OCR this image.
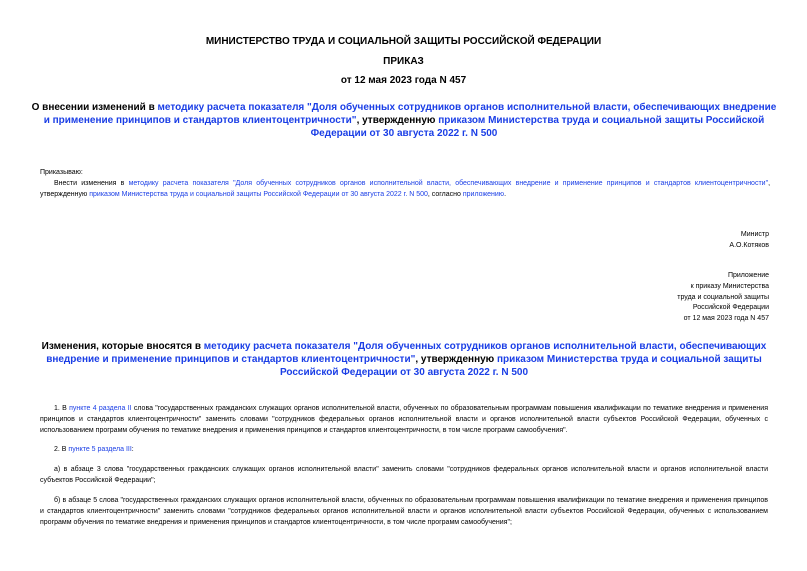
МИНИСТЕРСТВО ТРУДА И СОЦИАЛЬНОЙ ЗАЩИТЫ РОССИЙСКОЙ ФЕДЕРАЦИИ
ПРИКАЗ
от 12 мая 2023 года N 457
О внесении изменений в методику расчета показателя "Доля обученных сотрудников органов исполнительной власти, обеспечивающих внедрение и применение принципов и стандартов клиентоцентричности", утвержденную приказом Министерства труда и социальной защиты Российской Федерации от 30 августа 2022 г. N 500
Приказываю:
Внести изменения в методику расчета показателя "Доля обученных сотрудников органов исполнительной власти, обеспечивающих внедрение и применение принципов и стандартов клиентоцентричности", утвержденную приказом Министерства труда и социальной защиты Российской Федерации от 30 августа 2022 г. N 500, согласно приложению.
Министр
А.О.Котяков
Приложение
к приказу Министерства
труда и социальной защиты
Российской Федерации
от 12 мая 2023 года N 457
Изменения, которые вносятся в методику расчета показателя "Доля обученных сотрудников органов исполнительной власти, обеспечивающих внедрение и применение принципов и стандартов клиентоцентричности", утвержденную приказом Министерства труда и социальной защиты Российской Федерации от 30 августа 2022 г. N 500
1. В пункте 4 раздела II слова "государственных гражданских служащих органов исполнительной власти, обученных по образовательным программам повышения квалификации по тематике внедрения и применения принципов и стандартов клиентоцентричности" заменить словами "сотрудников федеральных органов исполнительной власти и органов исполнительной власти субъектов Российской Федерации, обученных с использованием программ обучения по тематике внедрения и применения принципов и стандартов клиентоцентричности, в том числе программ самообучения".
2. В пункте 5 раздела III:
а) в абзаце 3 слова "государственных гражданских служащих органов исполнительной власти" заменить словами "сотрудников федеральных органов исполнительной власти и органов исполнительной власти субъектов Российской Федерации";
б) в абзаце 5 слова "государственных гражданских служащих органов исполнительной власти, обученных по образовательным программам повышения квалификации по тематике внедрения и применения принципов и стандартов клиентоцентричности" заменить словами "сотрудников федеральных органов исполнительной власти и органов исполнительной власти субъектов Российской Федерации, обученных с использованием программ обучения по тематике внедрения и применения принципов и стандартов клиентоцентричности, в том числе программ самообучения";
